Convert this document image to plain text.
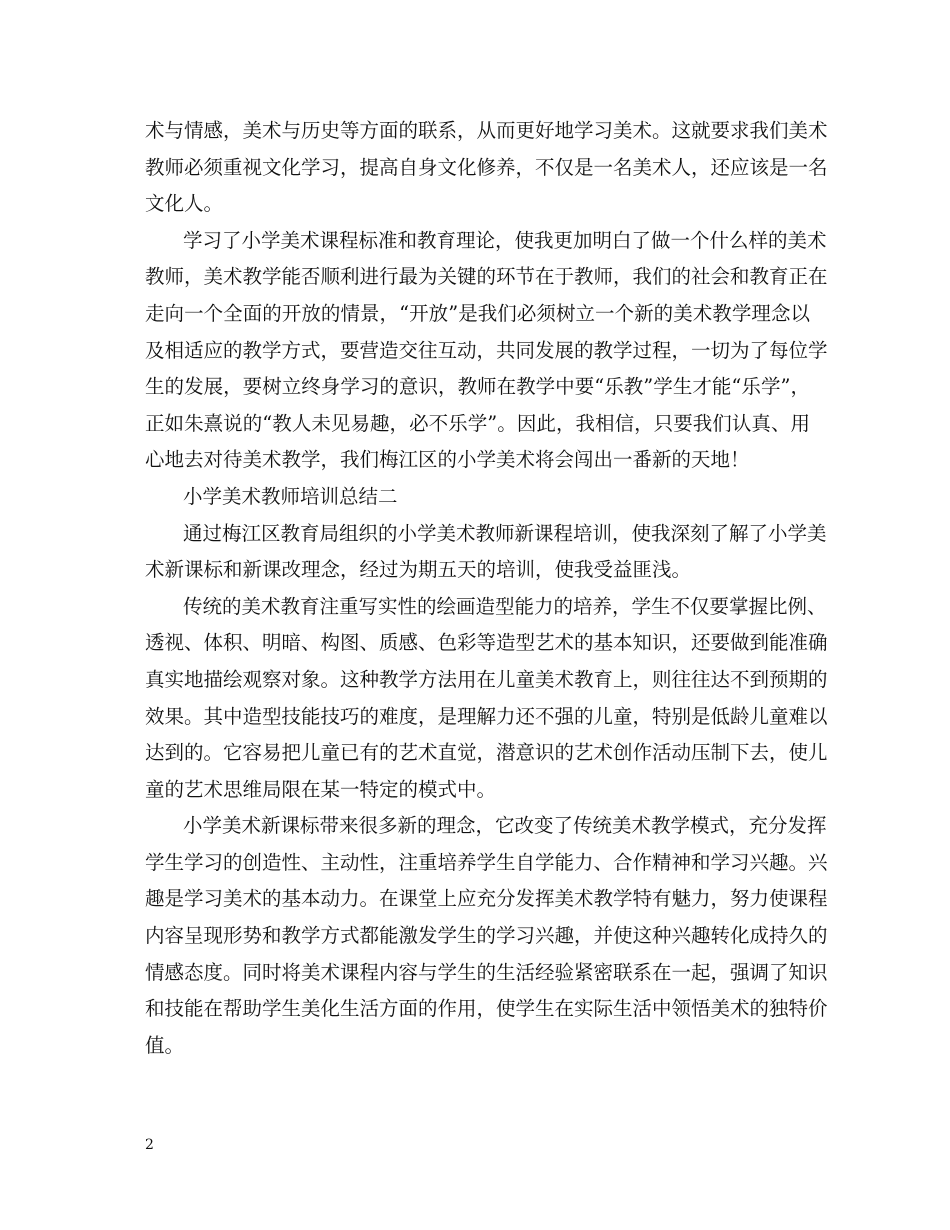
术与情感，美术与历史等方面的联系，从而更好地学习美术。这就要求我们美术
教师必须重视文化学习，提高自身文化修养，不仅是一名美术人，还应该是一名
文化人。
学习了小学美术课程标准和教育理论，使我更加明白了做一个什么样的美术
教师，美术教学能否顺利进行最为关键的环节在于教师，我们的社会和教育正在
走向一个全面的开放的情景，“开放”是我们必须树立一个新的美术教学理念以
及相适应的教学方式，要营造交往互动，共同发展的教学过程，一切为了每位学
生的发展，要树立终身学习的意识，教师在教学中要“乐教”学生才能“乐学”，
正如朱熹说的“教人未见易趣，必不乐学”。因此，我相信，只要我们认真、用
心地去对待美术教学，我们梅江区的小学美术将会闯出一番新的天地！
小学美术教师培训总结二
通过梅江区教育局组织的小学美术教师新课程培训，使我深刻了解了小学美
术新课标和新课改理念，经过为期五天的培训，使我受益匪浅。
传统的美术教育注重写实性的绘画造型能力的培养，学生不仅要掌握比例、
透视、体积、明暗、构图、质感、色彩等造型艺术的基本知识，还要做到能准确
真实地描绘观察对象。这种教学方法用在儿童美术教育上，则往往达不到预期的
效果。其中造型技能技巧的难度，是理解力还不强的儿童，特别是低龄儿童难以
达到的。它容易把儿童已有的艺术直觉，潜意识的艺术创作活动压制下去，使儿
童的艺术思维局限在某一特定的模式中。
小学美术新课标带来很多新的理念，它改变了传统美术教学模式，充分发挥
学生学习的创造性、主动性，注重培养学生自学能力、合作精神和学习兴趣。兴
趣是学习美术的基本动力。在课堂上应充分发挥美术教学特有魅力，努力使课程
内容呈现形势和教学方式都能激发学生的学习兴趣，并使这种兴趣转化成持久的
情感态度。同时将美术课程内容与学生的生活经验紧密联系在一起，强调了知识
和技能在帮助学生美化生活方面的作用，使学生在实际生活中领悟美术的独特价
值。
2
